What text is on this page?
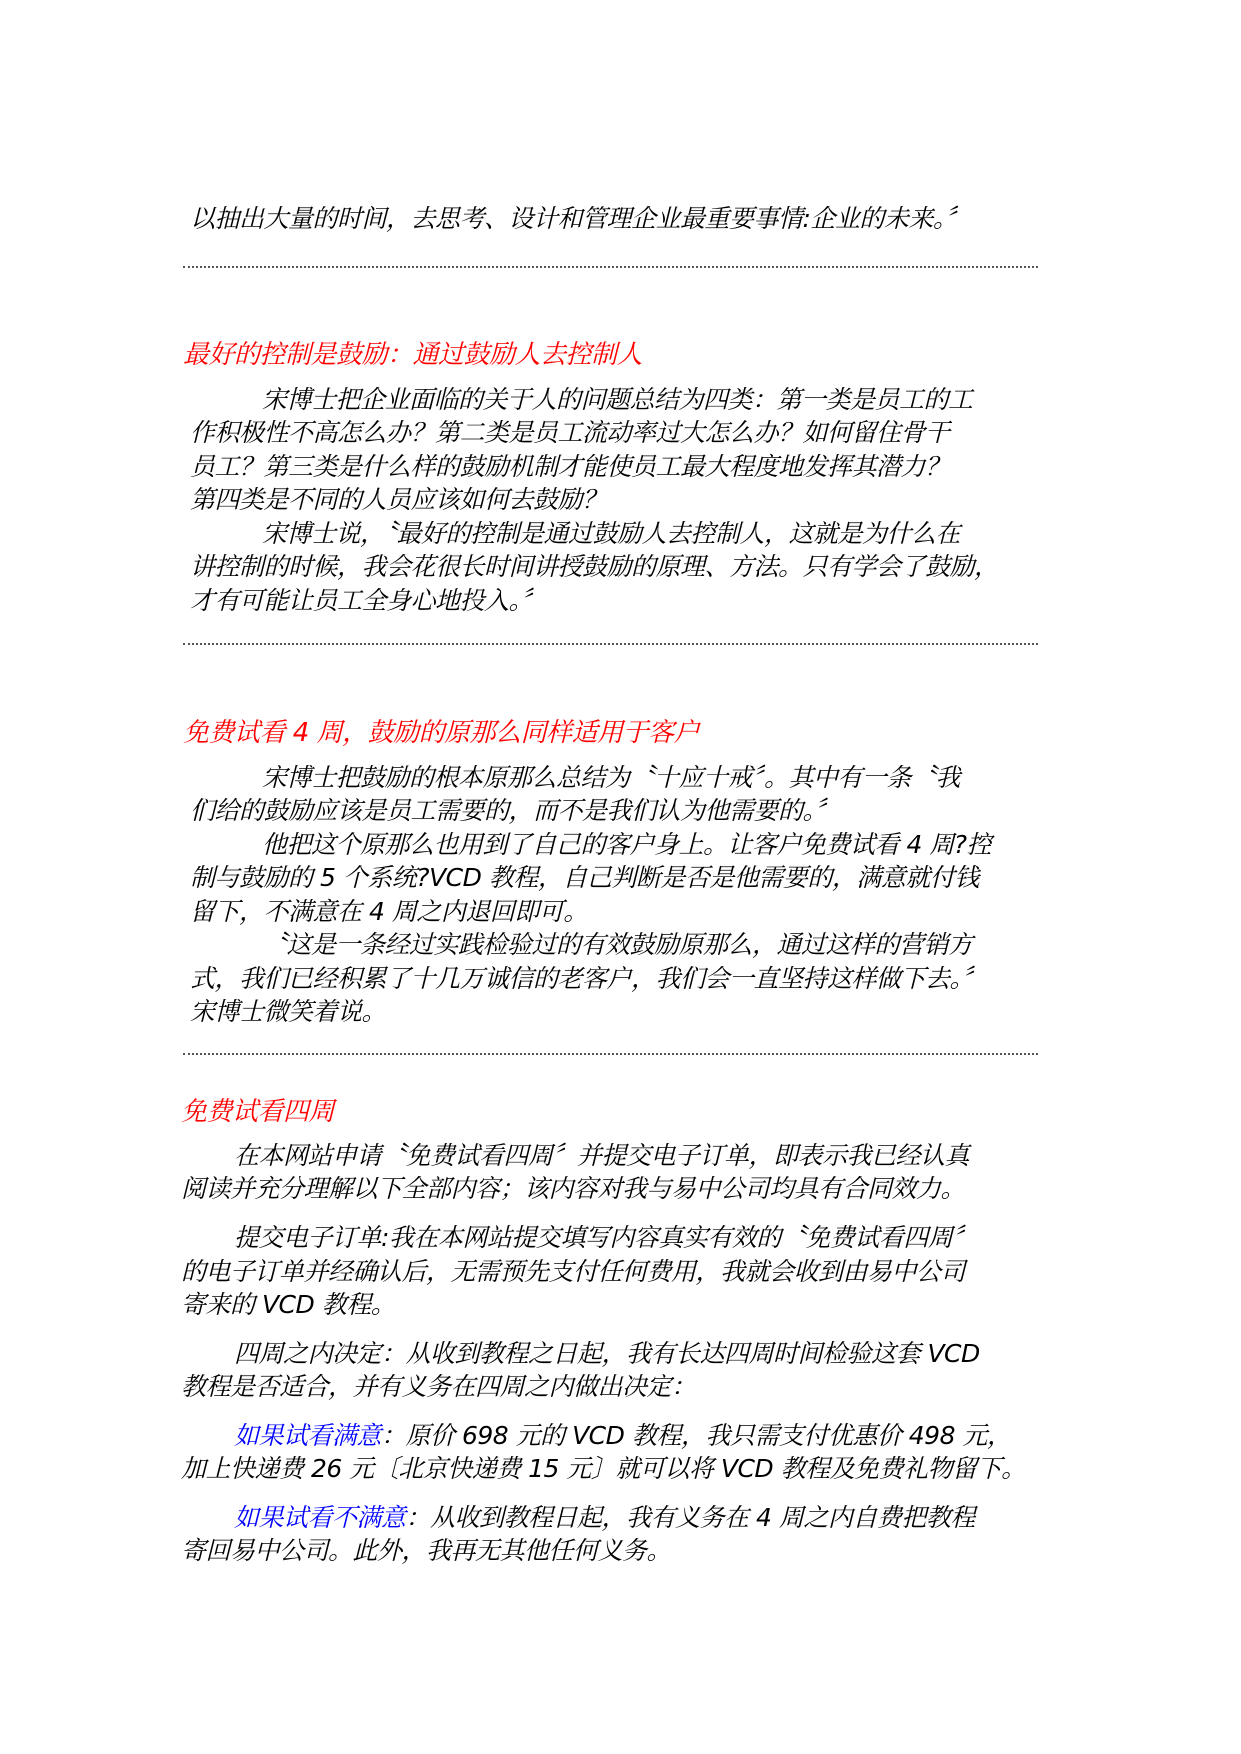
以抽出大量的时间，去思考、设计和管理企业最重要事情:企业的未来。〞
最好的控制是鼓励：通过鼓励人去控制人
宋博士把企业面临的关于人的问题总结为四类：第一类是员工的工
作积极性不高怎么办？第二类是员工流动率过大怎么办？如何留住骨干
员工？第三类是什么样的鼓励机制才能使员工最大程度地发挥其潜力？
第四类是不同的人员应该如何去鼓励？
宋博士说，〝最好的控制是通过鼓励人去控制人，这就是为什么在
讲控制的时候，我会花很长时间讲授鼓励的原理、方法。只有学会了鼓励，
才有可能让员工全身心地投入。〞
免费试看 4 周，鼓励的原那么同样适用于客户
宋博士把鼓励的根本原那么总结为〝十应十戒〞。其中有一条〝我
们给的鼓励应该是员工需要的，而不是我们认为他需要的。〞
他把这个原那么也用到了自己的客户身上。让客户免费试看 4 周?控
制与鼓励的 5 个系统?VCD 教程，自己判断是否是他需要的，满意就付钱
留下，不满意在 4 周之内退回即可。
〝这是一条经过实践检验过的有效鼓励原那么，通过这样的营销方
式，我们已经积累了十几万诚信的老客户，我们会一直坚持这样做下去。〞
宋博士微笑着说。
免费试看四周
在本网站申请〝免费试看四周〞并提交电子订单，即表示我已经认真
阅读并充分理解以下全部内容；该内容对我与易中公司均具有合同效力。
提交电子订单:我在本网站提交填写内容真实有效的〝免费试看四周〞
的电子订单并经确认后，无需预先支付任何费用，我就会收到由易中公司
寄来的 VCD 教程。
四周之内决定：从收到教程之日起，我有长达四周时间检验这套 VCD
教程是否适合，并有义务在四周之内做出决定：
如果试看满意：原价 698 元的 VCD 教程，我只需支付优惠价 498 元，
加上快递费 26 元〔北京快递费 15 元〕就可以将 VCD 教程及免费礼物留下。
如果试看不满意：从收到教程日起，我有义务在 4 周之内自费把教程
寄回易中公司。此外，我再无其他任何义务。
